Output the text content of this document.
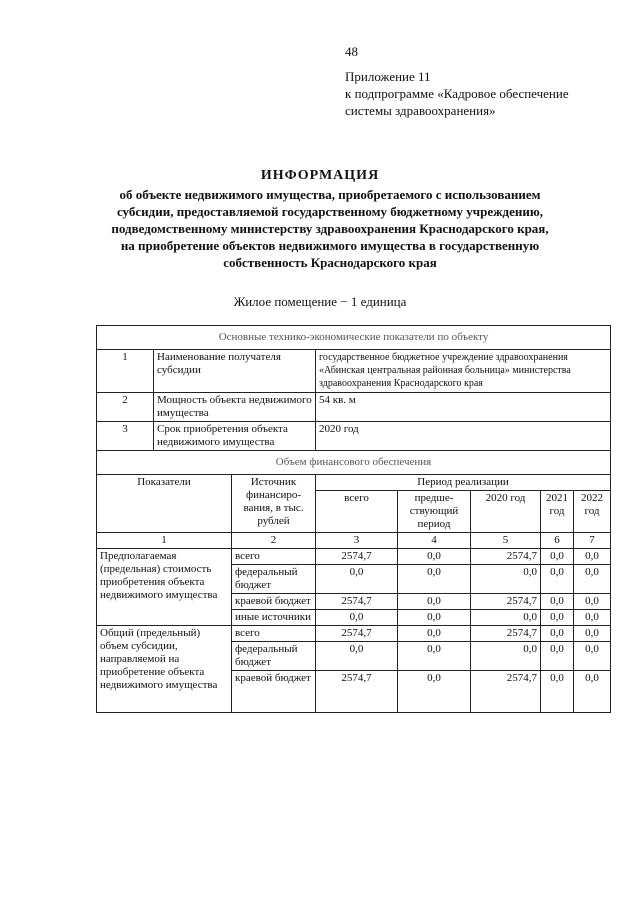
48
Приложение 11
к подпрограмме «Кадровое обеспечение
системы здравоохранения»
ИНФОРМАЦИЯ
об объекте недвижимого имущества, приобретаемого с использованием
субсидии, предоставляемой государственному бюджетному учреждению,
подведомственному министерству здравоохранения Краснодарского края,
на приобретение объектов недвижимого имущества в государственную
собственность Краснодарского края
Жилое помещение − 1 единица
Основные технико-экономические показатели по объекту						

1 Наименование получателя субсидии		государственное бюджетное учреждение здравоохранения «Абинская центральная районная больница» министерства здравоохранения Краснодарского края				

2 Мощность объекта недвижимого имущества		54 кв. м				

3 Срок приобретения объекта недвижимого имущества		2020 год				
Объем финансового обеспечения						
Показатели	Источник финансиро-вания, в тыс. рублей	Период реализации				
		всего	предше-ствующий период	2020 год	2021 год	2022 год
1	2	3	4	5	6	7
Предполагаемая (предельная) стоимость приобретения объекта недвижимого имущества	всего	2574,7	0,0	2574,7	0,0	0,0
	федеральный бюджет	0,0	0,0	0,0	0,0	0,0
	краевой бюджет	2574,7	0,0	2574,7	0,0	0,0
	иные источники	0,0	0,0	0,0	0,0	0,0
Общий (предельный) объем субсидии, направляемой на приобретение объекта недвижимого имущества	всего	2574,7	0,0	2574,7	0,0	0,0
	федеральный бюджет	0,0	0,0	0,0	0,0	0,0
	краевой бюджет	2574,7	0,0	2574,7	0,0	0,0
